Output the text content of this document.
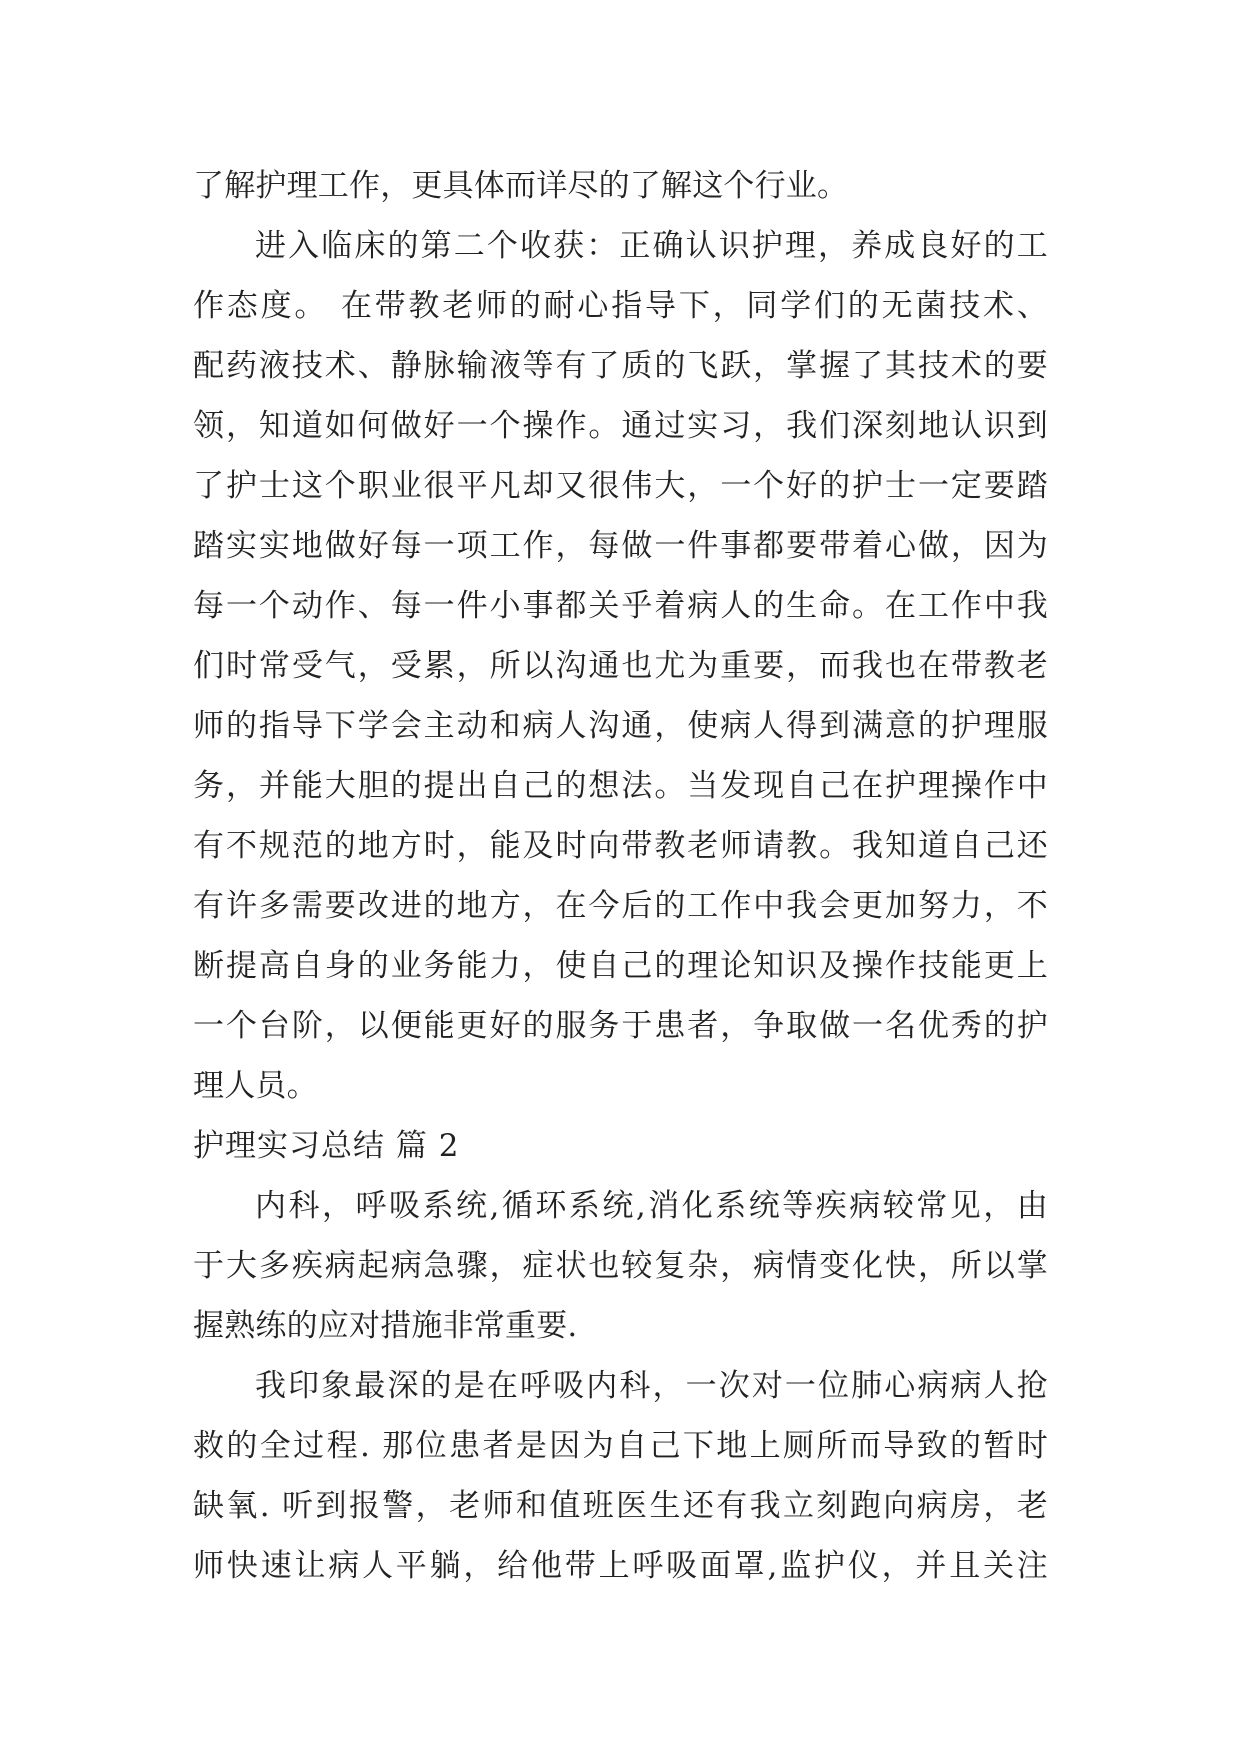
了解护理工作，更具体而详尽的了解这个行业。
进入临床的第二个收获：正确认识护理，养成良好的工
作态度。 在带教老师的耐心指导下，同学们的无菌技术、
配药液技术、静脉输液等有了质的飞跃，掌握了其技术的要
领，知道如何做好一个操作。通过实习，我们深刻地认识到
了护士这个职业很平凡却又很伟大，一个好的护士一定要踏
踏实实地做好每一项工作，每做一件事都要带着心做，因为
每一个动作、每一件小事都关乎着病人的生命。在工作中我
们时常受气，受累，所以沟通也尤为重要，而我也在带教老
师的指导下学会主动和病人沟通，使病人得到满意的护理服
务，并能大胆的提出自己的想法。当发现自己在护理操作中
有不规范的地方时，能及时向带教老师请教。我知道自己还
有许多需要改进的地方，在今后的工作中我会更加努力，不
断提高自身的业务能力，使自己的理论知识及操作技能更上
一个台阶，以便能更好的服务于患者，争取做一名优秀的护
理人员。
护理实习总结 篇 2
内科，呼吸系统,循环系统,消化系统等疾病较常见，由
于大多疾病起病急骤，症状也较复杂，病情变化快，所以掌
握熟练的应对措施非常重要.
我印象最深的是在呼吸内科，一次对一位肺心病病人抢
救的全过程. 那位患者是因为自己下地上厕所而导致的暂时
缺氧. 听到报警，老师和值班医生还有我立刻跑向病房，老
师快速让病人平躺，给他带上呼吸面罩,监护仪，并且关注
